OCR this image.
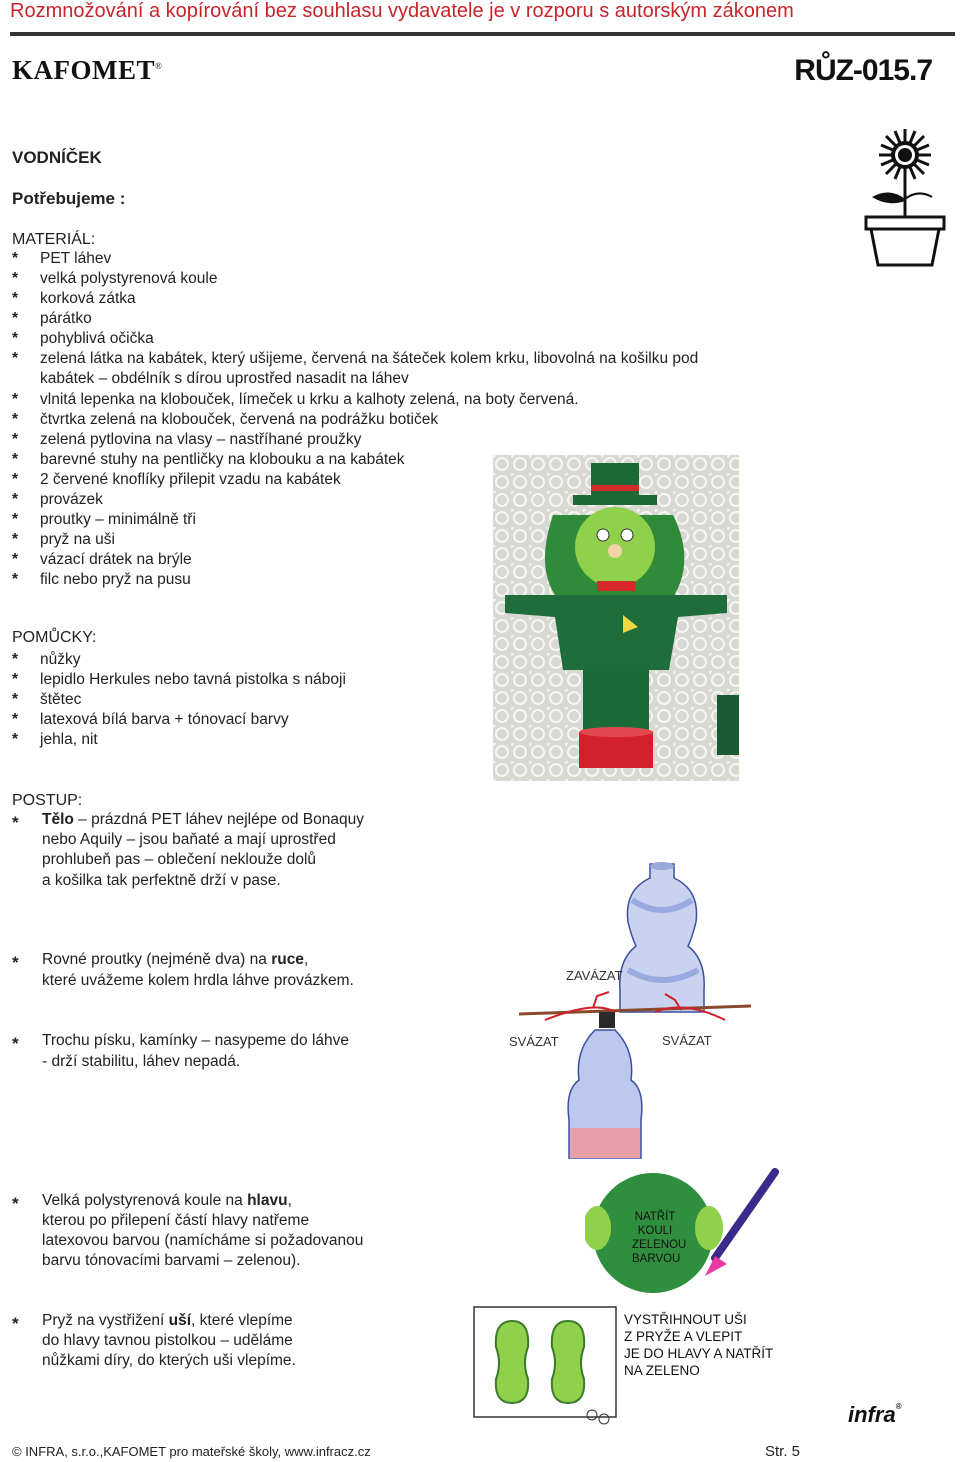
Rozmnožování a kopírování bez souhlasu vydavatele je v rozporu s autorským zákonem
KAFOMET®	RŮZ-015.7
VODNÍČEK
Potřebujeme :
MATERIÁL:
* PET láhev
* velká polystyrenová koule
* korková zátka
* párátko
* pohyblivá očička
* zelená látka na kabátek, který ušijeme, červená na šáteček kolem krku, libovolná na košilku pod
kabátek – obdélník s dírou uprostřed nasadit na láhev
* vlnitá lepenka na klobouček, límeček u krku a kalhoty zelená, na boty červená.
* čtvrtka zelená na klobouček, červená na podrážku botiček
* zelená pytlovina na vlasy – nastříhané proužky
* barevné stuhy na pentličky na klobouku a na kabátek
* 2 červené knoflíky přilepit vzadu na kabátek
* provázek
* proutky – minimálně tři
* pryž na uši
* vázací drátek na brýle
* filc nebo pryž na pusu
POMŮCKY:
* nůžky
* lepidlo Herkules nebo tavná pistolka s náboji
* štětec
* latexová bílá barva + tónovací barvy
* jehla, nit
POSTUP:
* Tělo – prázdná PET láhev nejlépe od Bonaquy
nebo Aquily – jsou baňaté a mají uprostřed
prohlubeň pas – oblečení neklouže dolů
a košilka tak perfektně drží v pase.
* Rovné proutky (nejméně dva) na ruce,
které uvážeme kolem hrdla láhve provázkem.
* Trochu písku, kamínky – nasypeme do láhve
- drží stabilitu, láhev nepadá.
* Velká polystyrenová koule na hlavu,
kterou po přilepení částí hlavy natřeme
latexovou barvou (namícháme si požadovanou
barvu tónovacími barvami – zelenou).
* Pryž na vystřižení uší, které vlepíme
do hlavy tavnou pistolkou – uděláme
nůžkami díry, do kterých uši vlepíme.
ZAVÁZAT
SVÁZAT	SVÁZAT
NATŘÍT
KOULI
ZELENOU
BARVOU
VYSTŘIHNOUT UŠI
Z PRYŽE A VLEPIT
JE DO HLAVY A NATŘÍT
NA ZELENO
infra®
© INFRA, s.r.o.,KAFOMET pro mateřské školy, www.infracz.cz	Str. 5
